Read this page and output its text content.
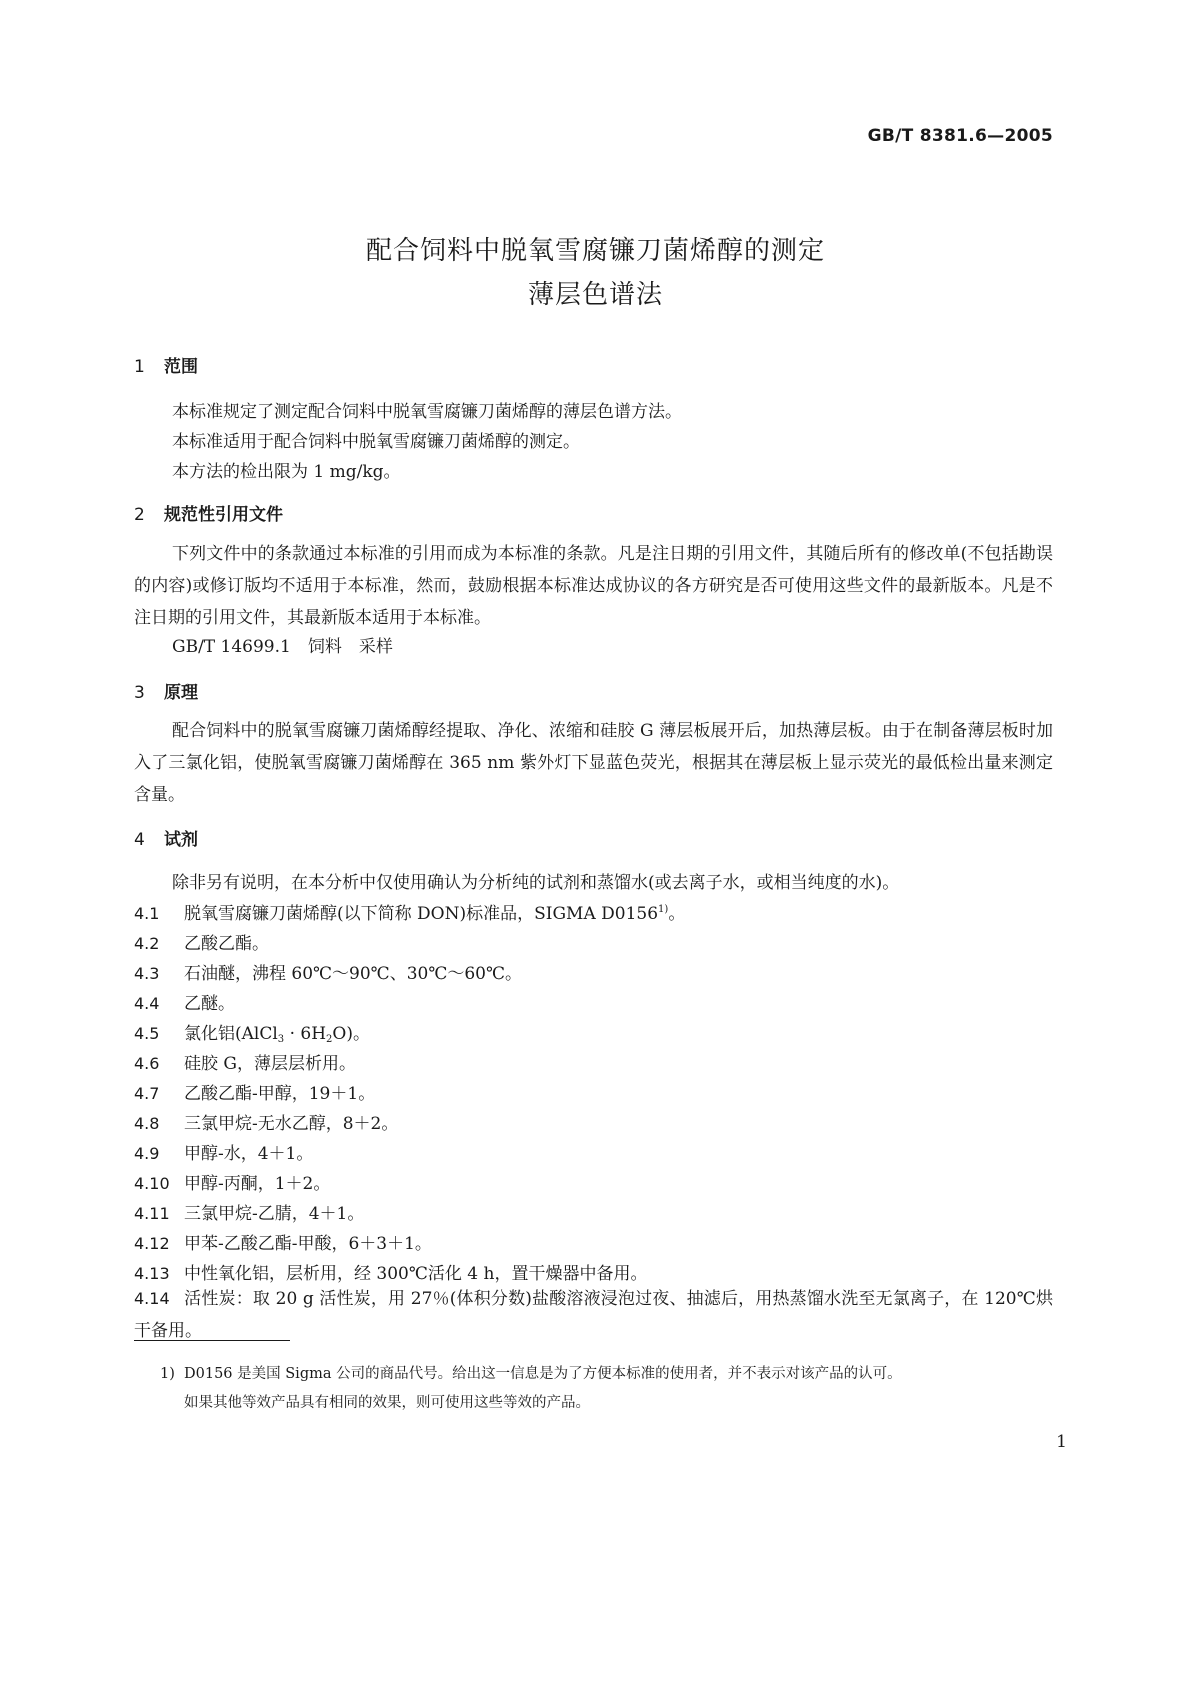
GB/T 8381.6—2005
配合饲料中脱氧雪腐镰刀菌烯醇的测定
薄层色谱法
1 范围
本标准规定了测定配合饲料中脱氧雪腐镰刀菌烯醇的薄层色谱方法。
本标准适用于配合饲料中脱氧雪腐镰刀菌烯醇的测定。
本方法的检出限为 1 mg/kg。
2 规范性引用文件

下列文件中的条款通过本标准的引用而成为本标准的条款。凡是注日期的引用文件，其随后所有的修改单(不包括勘误的内容)或修订版均不适用于本标准，然而，鼓励根据本标准达成协议的各方研究是否可使用这些文件的最新版本。凡是不注日期的引用文件，其最新版本适用于本标准。

GB/T 14699.1　饲料　采样
3 原理

配合饲料中的脱氧雪腐镰刀菌烯醇经提取、净化、浓缩和硅胶 G 薄层板展开后，加热薄层板。由于在制备薄层板时加入了三氯化铝，使脱氧雪腐镰刀菌烯醇在 365 nm 紫外灯下显蓝色荧光，根据其在薄层板上显示荧光的最低检出量来测定含量。

4 试剂
除非另有说明，在本分析中仅使用确认为分析纯的试剂和蒸馏水(或去离子水，或相当纯度的水)。
4.1 脱氧雪腐镰刀菌烯醇(以下简称 DON)标准品，SIGMA D0156$^{1)}$。
4.2 乙酸乙酯。
4.3 石油醚，沸程 60℃～90℃、30℃～60℃。
4.4 乙醚。
4.5 氯化铝(AlCl$_3$ · $6H_2O$)。
4.6 硅胶 G，薄层层析用。
4.7 乙酸乙酯-甲醇，19＋1。
4.8 三氯甲烷-无水乙醇，8＋2。
4.9 甲醇-水，4＋1。
4.10 甲醇-丙酮，1＋2。
4.11 三氯甲烷-乙腈，4＋1。
4.12 甲苯-乙酸乙酯-甲酸，6＋3＋1。
4.13 中性氧化铝，层析用，经 300℃活化 4 h，置干燥器中备用。

4.14 活性炭：取 20 g 活性炭，用 27％(体积分数)盐酸溶液浸泡过夜、抽滤后，用热蒸馏水洗至无氯离子，在 120℃烘干备用。

1) D0156 是美国 Sigma 公司的商品代号。给出这一信息是为了方便本标准的使用者，并不表示对该产品的认可。
如果其他等效产品具有相同的效果，则可使用这些等效的产品。

1
